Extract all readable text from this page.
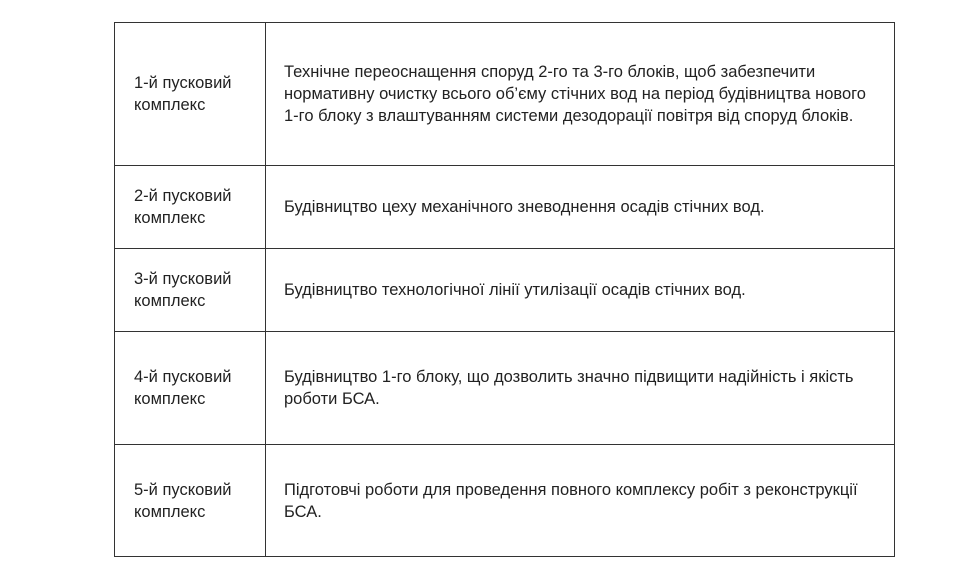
1-й пусковий комплекс	Технічне переоснащення споруд 2-го та 3-го блоків, щоб забезпечити нормативну очистку всього об’єму стічних вод на період будівництва нового 1-го блоку з влаштуванням системи дезодорації повітря від споруд блоків.

2-й пусковий комплекс	Будівництво цеху механічного зневоднення осадів стічних вод.

3-й пусковий комплекс	Будівництво технологічної лінії утилізації осадів стічних вод.

4-й пусковий комплекс	Будівництво 1-го блоку, що дозволить значно підвищити надійність і якість роботи БСА.

5-й пусковий комплекс	Підготовчі роботи для проведення повного комплексу робіт з реконструкції БСА.
